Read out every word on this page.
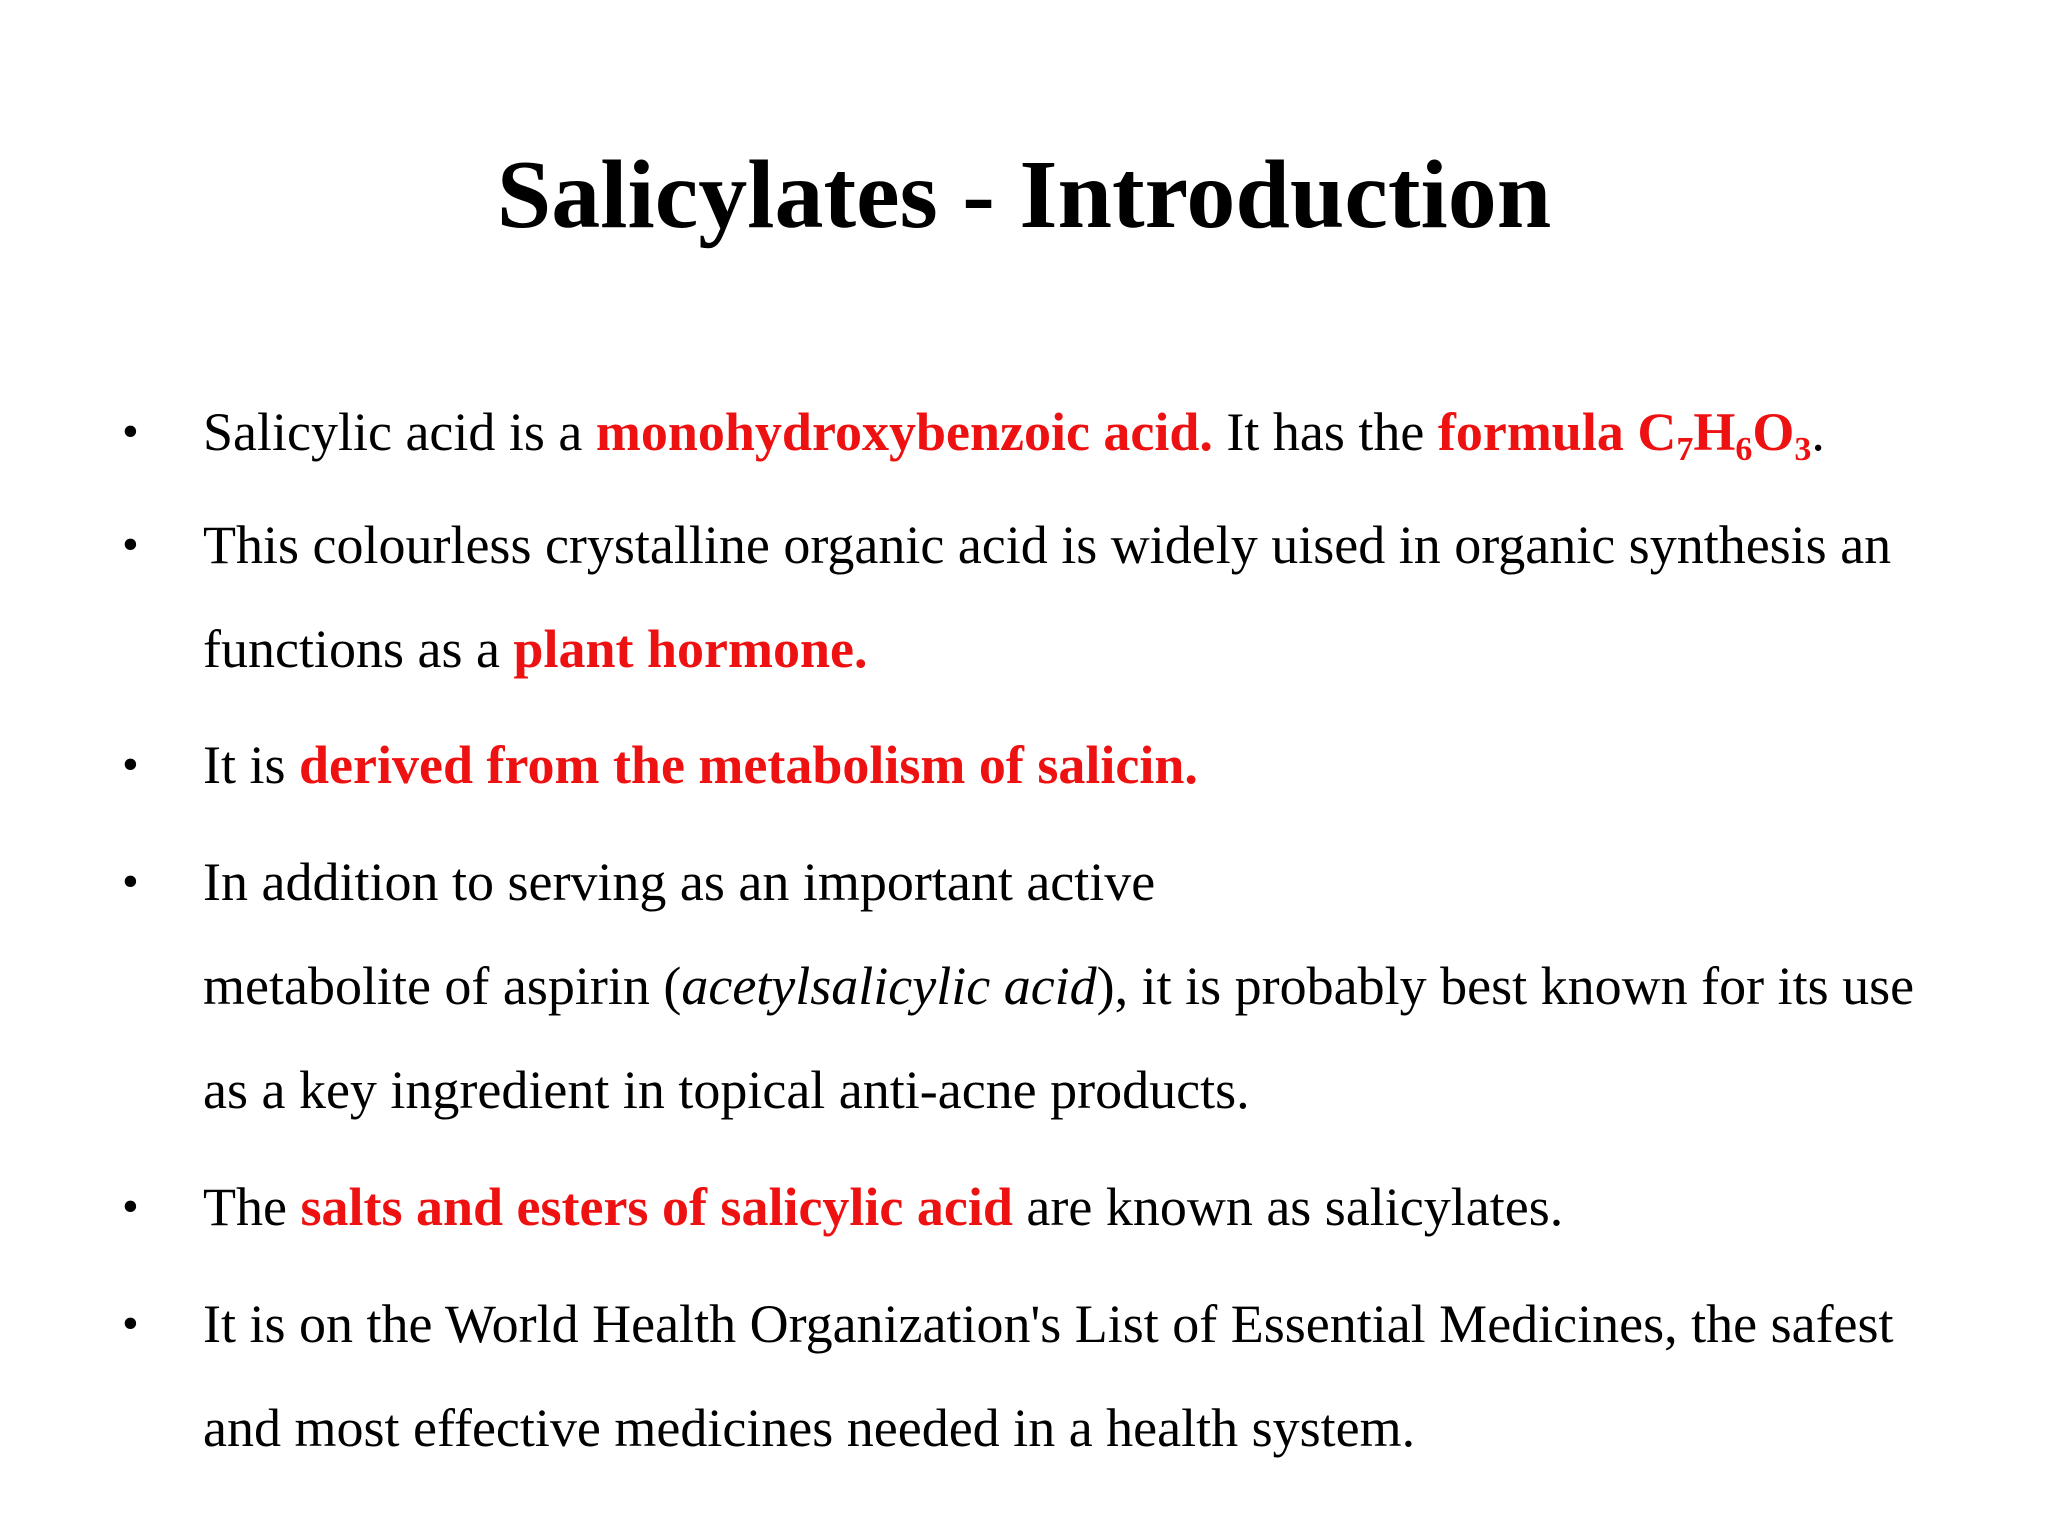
Salicylates - Introduction
• Salicylic acid is a monohydroxybenzoic acid. It has the formula $C_7H_6O_3$.
• This colourless crystalline organic acid is widely uised in organic synthesis an
functions as a plant hormone.
• It is derived from the metabolism of salicin.
• In addition to serving as an important active
metabolite of aspirin (acetylsalicylic acid), it is probably best known for its use
as a key ingredient in topical anti-acne products.
• The salts and esters of salicylic acid are known as salicylates.
• It is on the World Health Organization's List of Essential Medicines, the safest
and most effective medicines needed in a health system.
